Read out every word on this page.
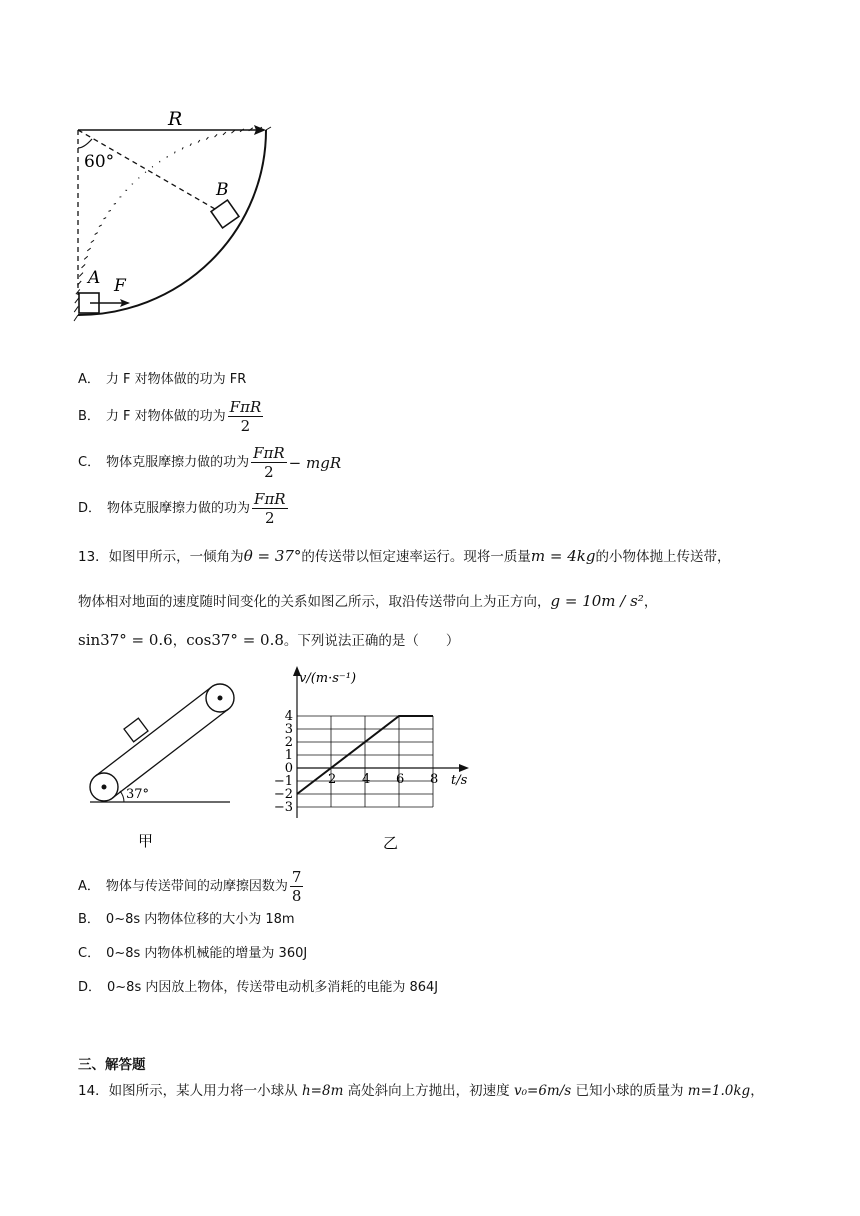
R
60°
B
A F
A． 力 F 对物体做的功为 FR
B． 力 F 对物体做的功为 $\frac{\text{FπR}}{2}$
C． 物体克服摩擦力做的功为 $\frac{\text{FπR}}{2}$ − mgR
D． 物体克服摩擦力做的功为 $\frac{\text{FπR}}{2}$
13．如图甲所示，一倾角为θ = 37°的传送带以恒定速率运行。现将一质量m = 4kg的小物体抛上传送带，
物体相对地面的速度随时间变化的关系如图乙所示，取沿传送带向上为正方向，g = 10m / s²，
sin37° = 0.6，cos37° = 0.8。下列说法正确的是（　　）
37°
甲
4
3
2
1
0
−1
−2
−3
2 4 6 8
v/(m·s⁻¹)
t/s
乙
A． 物体与传送带间的动摩擦因数为 $\frac{7}{8}$
B． 0~8s 内物体位移的大小为 18m
C． 0~8s 内物体机械能的增量为 360J
D． 0~8s 内因放上物体，传送带电动机多消耗的电能为 864J
三、解答题
14．如图所示，某人用力将一小球从 h=8m 高处斜向上方抛出，初速度 v₀=6m/s 已知小球的质量为 m=1.0kg，
